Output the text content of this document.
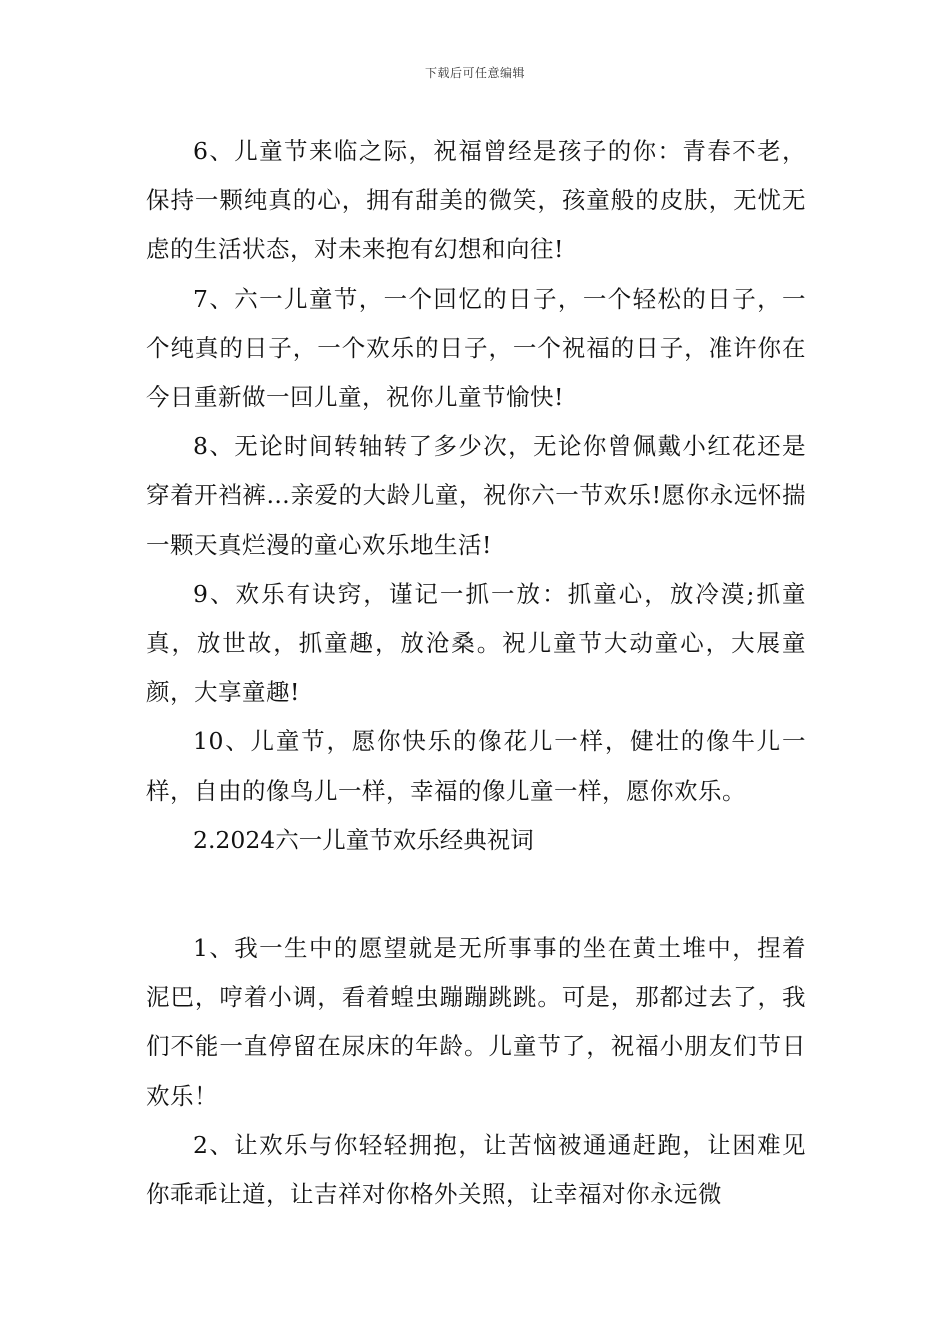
下载后可任意编辑

6、儿童节来临之际，祝福曾经是孩子的你：青春不老，保持一颗纯真的心，拥有甜美的微笑，孩童般的皮肤，无忧无虑的生活状态，对未来抱有幻想和向往!

7、六一儿童节，一个回忆的日子，一个轻松的日子，一个纯真的日子，一个欢乐的日子，一个祝福的日子，准许你在今日重新做一回儿童，祝你儿童节愉快!

8、无论时间转轴转了多少次，无论你曾佩戴小红花还是穿着开裆裤…亲爱的大龄儿童，祝你六一节欢乐!愿你永远怀揣一颗天真烂漫的童心欢乐地生活!

9、欢乐有诀窍，谨记一抓一放：抓童心，放冷漠;抓童真，放世故，抓童趣，放沧桑。祝儿童节大动童心，大展童颜，大享童趣!

10、儿童节，愿你快乐的像花儿一样，健壮的像牛儿一样，自由的像鸟儿一样，幸福的像儿童一样，愿你欢乐。

2.2024六一儿童节欢乐经典祝词

1、我一生中的愿望就是无所事事的坐在黄土堆中，捏着泥巴，哼着小调，看着蝗虫蹦蹦跳跳。可是，那都过去了，我们不能一直停留在尿床的年龄。儿童节了，祝福小朋友们节日欢乐！

2、让欢乐与你轻轻拥抱，让苦恼被通通赶跑，让困难见你乖乖让道，让吉祥对你格外关照，让幸福对你永远微
